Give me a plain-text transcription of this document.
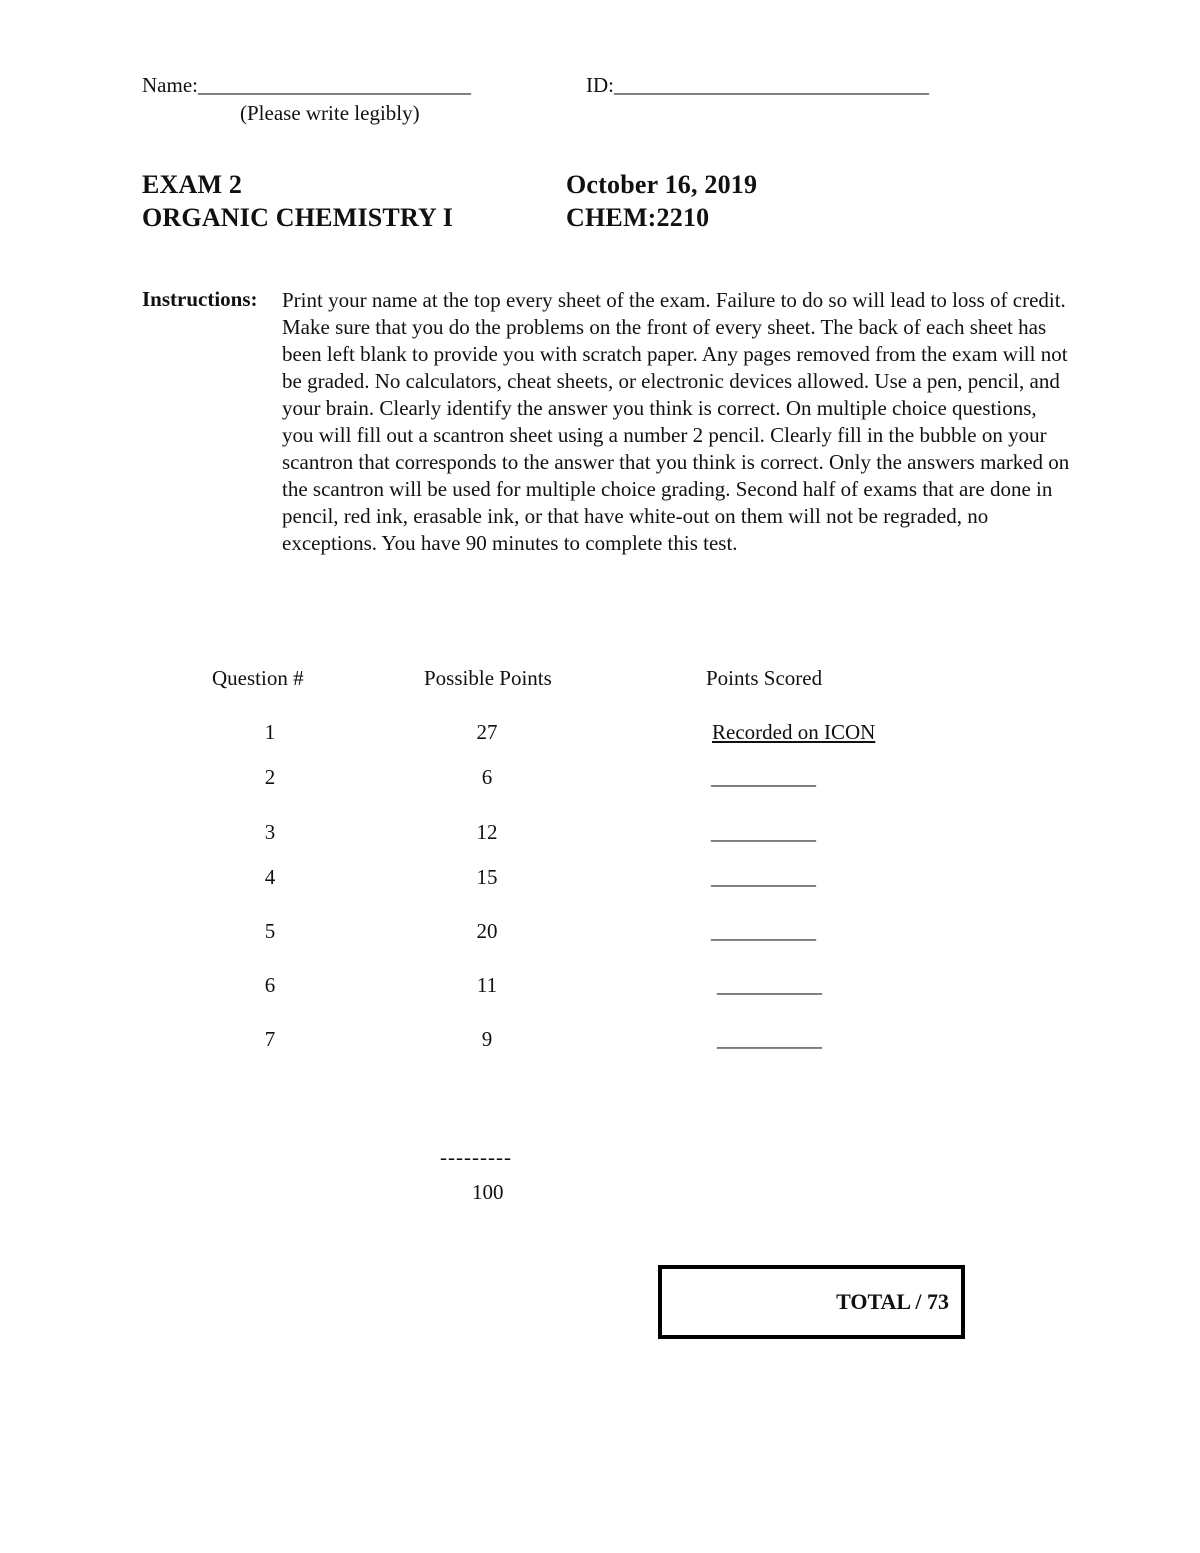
Name:__________________________	ID:______________________________
(Please write legibly)
EXAM 2
ORGANIC CHEMISTRY I
October 16, 2019
CHEM:2210
Instructions: Print your name at the top every sheet of the exam. Failure to do so will lead to loss of credit. Make sure that you do the problems on the front of every sheet. The back of each sheet has been left blank to provide you with scratch paper. Any pages removed from the exam will not be graded. No calculators, cheat sheets, or electronic devices allowed. Use a pen, pencil, and your brain. Clearly identify the answer you think is correct. On multiple choice questions, you will fill out a scantron sheet using a number 2 pencil. Clearly fill in the bubble on your scantron that corresponds to the answer that you think is correct. Only the answers marked on the scantron will be used for multiple choice grading. Second half of exams that are done in pencil, red ink, erasable ink, or that have white-out on them will not be regraded, no exceptions. You have 90 minutes to complete this test.
Question #	Possible Points	Points Scored
1	27	Recorded on ICON
2	6	__________
3	12	__________
4	15	__________
5	20	__________
6	11	__________
7	9	__________
---------
100
TOTAL / 73
